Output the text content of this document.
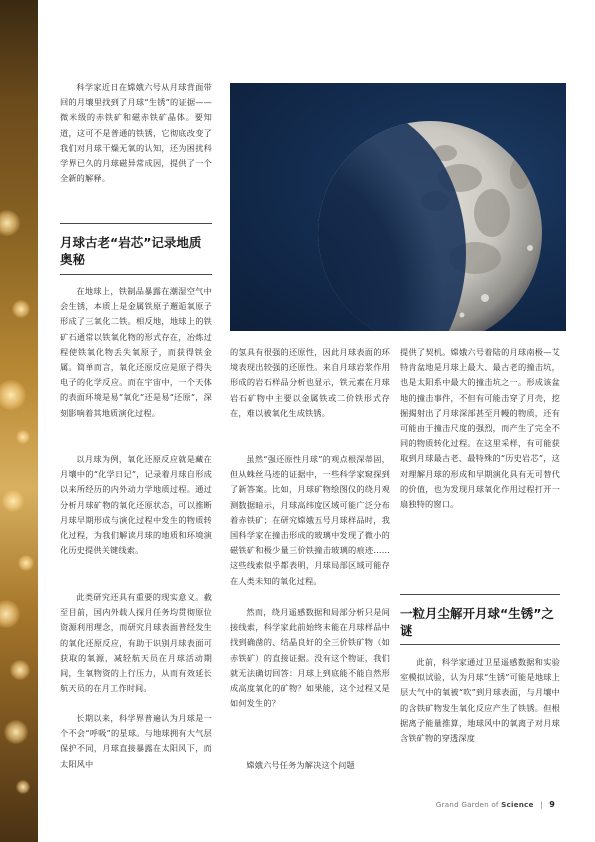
科学家近日在嫦娥六号从月球背面带回的月壤里找到了月球“生锈”的证据——微米级的赤铁矿和磁赤铁矿晶体。要知道，这可不是普通的铁锈，它彻底改变了我们对月球干燥无氧的认知，还为困扰科学界已久的月球磁异常成因，提供了一个全新的解释。

月球古老“岩芯”记录地质奥秘

在地球上，铁制品暴露在潮湿空气中会生锈，本质上是金属铁原子邂逅氧原子形成了三氧化二铁。相反地，地球上的铁矿石通常以铁氧化物的形式存在，冶炼过程使铁氧化物丢失氧原子，而获得铁金属。简单而言，氧化还原反应是原子得失电子的化学反应。而在宇宙中，一个天体的表面环境是易“氧化”还是易“还原”，深刻影响着其地质演化过程。

以月球为例，氧化还原反应就是藏在月壤中的“化学日记”，记录着月球自形成以来所经历的内外动力学地质过程。通过分析月球矿物的氧化还原状态，可以推断月球早期形成与演化过程中发生的物质转化过程，为我们解读月球的地质和环境演化历史提供关键线索。

此类研究还具有重要的现实意义。截至目前，国内外载人探月任务均贯彻原位资源利用理念，而研究月球表面普经发生的氧化还原反应，有助于识别月球表面可获取的氧源，减轻航天员在月球活动期间，生氧物资的上行压力，从而有效延长航天员的在月工作时间。

长期以来，科学界普遍认为月球是一个不会“呼吸”的星球。与地球拥有大气层保护不同，月球直接暴露在太阳风下，而太阳风中

的氢具有很强的还原性，因此月球表面的环境表现出较强的还原性。来自月球岩浆作用形成的岩石样品分析也显示，铁元素在月球岩石矿物中主要以金属铁或二价铁形式存在，难以被氧化生成铁锈。

虽然“强还原性月球”的观点根深蒂固，但从蛛丝马迹的证据中，一些科学家窥探到了新答案。比如，月球矿物绘图仪的绕月观测数据暗示，月球高纬度区域可能广泛分布着赤铁矿；在研究嫦娥五号月球样品时，我国科学家在撞击形成的玻璃中发现了微小的磁铁矿和极少量三价铁撞击玻璃的痕迹……这些线索似乎都表明，月球局部区域可能存在人类未知的氧化过程。

然而，绕月遥感数据和局部分析只是间接线索，科学家此前始终未能在月球样品中找到确凿的、结晶良好的全三价铁矿物（如赤铁矿）的直接证据。没有这个物证，我们就无法确切回答：月球上到底能不能自然形成高度氧化的矿物？如果能，这个过程又是如何发生的？

嫦娥六号任务为解决这个问题

提供了契机。嫦娥六号着陆的月球南极—艾特肯盆地是月球上最大、最古老的撞击坑，也是太阳系中最大的撞击坑之一。形成该盆地的撞击事件，不但有可能击穿了月壳，挖掘揭射出了月球深部甚至月幔的物质，还有可能由于撞击尺度的强烈，而产生了完全不同的物质转化过程。在这里采样，有可能获取到月球最古老、最特殊的“历史岩芯”，这对理解月球的形成和早期演化具有无可替代的价值，也为发现月球氧化作用过程打开一扇独特的窗口。

一粒月尘解开月球“生锈”之谜

此前，科学家通过卫星遥感数据和实验室模拟试验，认为月球“生锈”可能是地球上层大气中的氧被“吹”到月球表面，与月壤中的含铁矿物发生氧化反应产生了铁锈。但根据离子能量推算，地球风中的氧离子对月球含铁矿物的穿透深度

Grand Garden of Science | 9
